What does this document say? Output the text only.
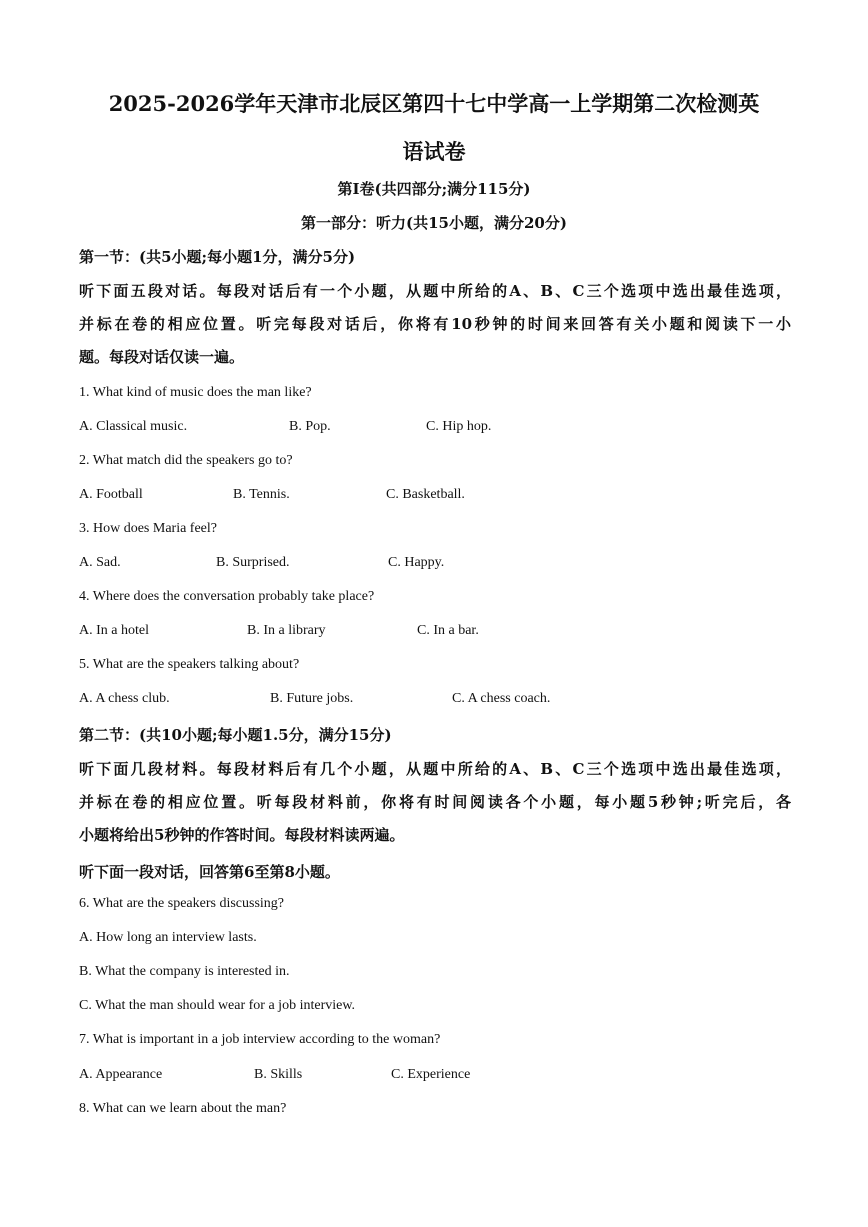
2025-2026学年天津市北辰区第四十七中学高一上学期第二次检测英
语试卷
第Ⅰ卷(共四部分;满分115分)
第一部分：听力(共15小题，满分20分)
第一节：(共5小题;每小题1分，满分5分)
听下面五段对话。每段对话后有一个小题，从题中所给的A、B、C三个选项中选出最佳选项，
并标在卷的相应位置。听完每段对话后，你将有10秒钟的时间来回答有关小题和阅读下一小
题。每段对话仅读一遍。
1. What kind of music does the man like?
A. Classical music.	B. Pop.	C. Hip hop.
2. What match did the speakers go to?
A. Football	B. Tennis.	C. Basketball.
3. How does Maria feel?
A. Sad.	B. Surprised.	C. Happy.
4. Where does the conversation probably take place?
A. In a hotel	B. In a library	C. In a bar.
5. What are the speakers talking about?
A. A chess club.	B. Future jobs.	C. A chess coach.
第二节：(共10小题;每小题1.5分，满分15分)
听下面几段材料。每段材料后有几个小题，从题中所给的A、B、C三个选项中选出最佳选项，
并标在卷的相应位置。听每段材料前，你将有时间阅读各个小题，每小题5秒钟;听完后，各
小题将给出5秒钟的作答时间。每段材料读两遍。
听下面一段对话，回答第6至第8小题。
6. What are the speakers discussing?
A. How long an interview lasts.
B. What the company is interested in.
C. What the man should wear for a job interview.
7. What is important in a job interview according to the woman?
A. Appearance	B. Skills	C. Experience
8. What can we learn about the man?
